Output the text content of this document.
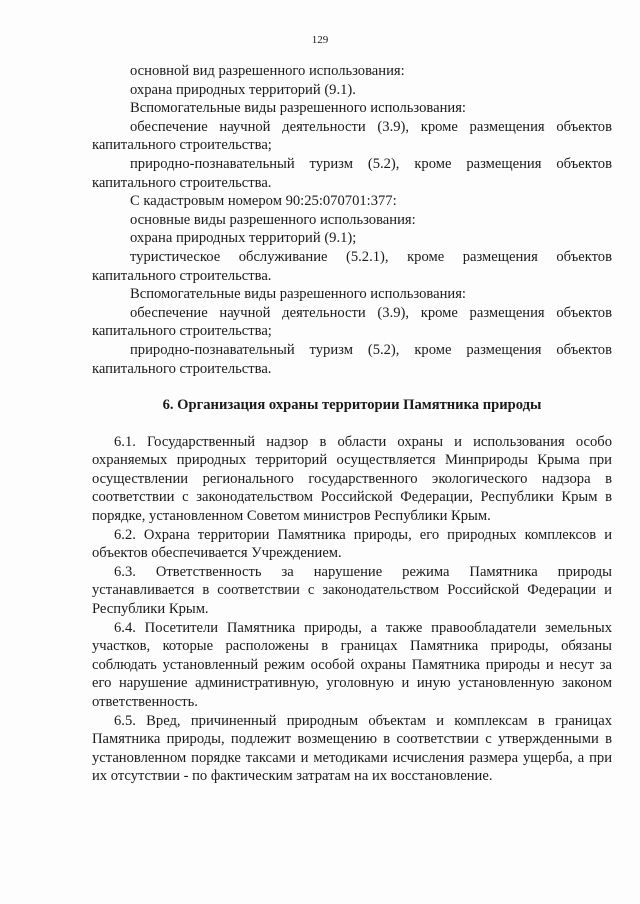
129

основной вид разрешенного использования:

охрана природных территорий (9.1).

Вспомогательные виды разрешенного использования:

обеспечение научной деятельности (3.9), кроме размещения объектов капитального строительства;

природно-познавательный туризм (5.2), кроме размещения объектов капитального строительства.

С кадастровым номером 90:25:070701:377:

основные виды разрешенного использования:

охрана природных территорий (9.1);

туристическое обслуживание (5.2.1), кроме размещения объектов капитального строительства.

Вспомогательные виды разрешенного использования:

обеспечение научной деятельности (3.9), кроме размещения объектов капитального строительства;

природно-познавательный туризм (5.2), кроме размещения объектов капитального строительства.

6. Организация охраны территории Памятника природы

6.1. Государственный надзор в области охраны и использования особо охраняемых природных территорий осуществляется Минприроды Крыма при осуществлении регионального государственного экологического надзора в соответствии с законодательством Российской Федерации, Республики Крым в порядке, установленном Советом министров Республики Крым.

6.2. Охрана территории Памятника природы, его природных комплексов и объектов обеспечивается Учреждением.

6.3. Ответственность за нарушение режима Памятника природы устанавливается в соответствии с законодательством Российской Федерации и Республики Крым.

6.4. Посетители Памятника природы, а также правообладатели земельных участков, которые расположены в границах Памятника природы, обязаны соблюдать установленный режим особой охраны Памятника природы и несут за его нарушение административную, уголовную и иную установленную законом ответственность.

6.5. Вред, причиненный природным объектам и комплексам в границах Памятника природы, подлежит возмещению в соответствии с утвержденными в установленном порядке таксами и методиками исчисления размера ущерба, а при их отсутствии - по фактическим затратам на их восстановление.
